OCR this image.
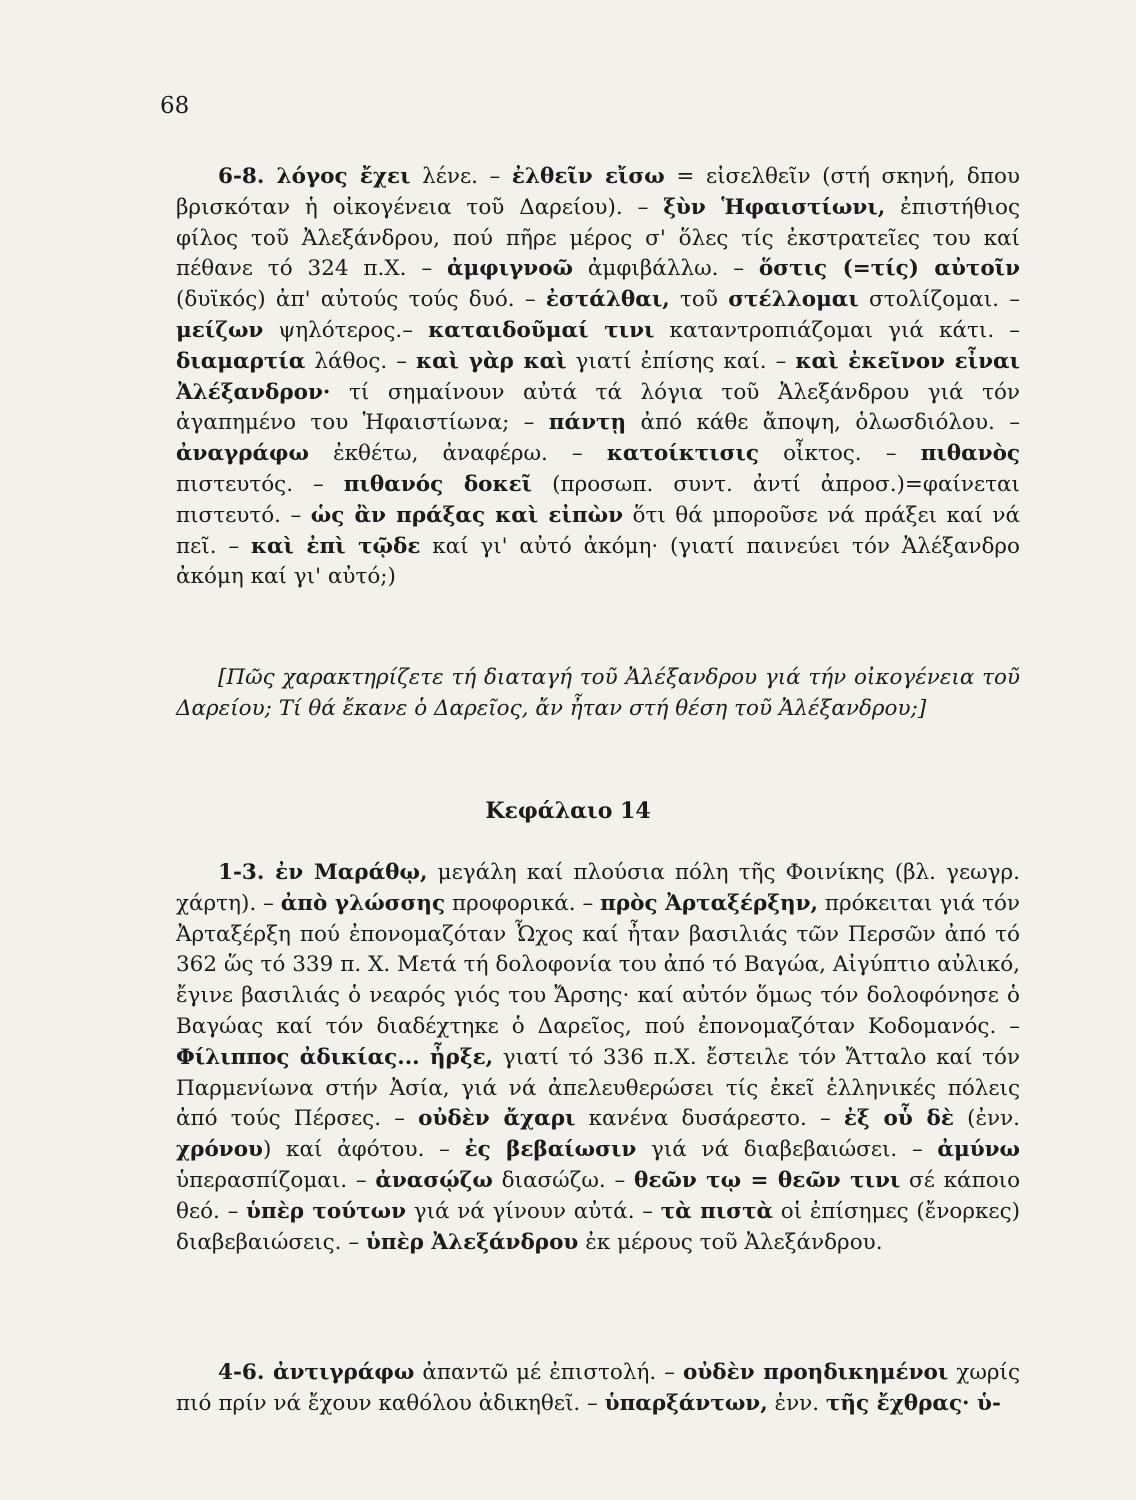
68

6-8. λόγος ἔχει λένε. – ἐλθεῖν εἴσω = εἰσελθεῖν (στή σκηνή, δπου βρισκόταν ἡ οἰκογένεια τοῦ Δαρείου). – ξὺν Ἡφαιστίωνι, ἐπιστήθιος φίλος τοῦ Ἀλεξάνδρου, πού πῆρε μέρος σ' ὅλες τίς ἐκστρατεῖες του καί πέθανε τό 324 π.Χ. – ἀμφιγνοῶ ἀμφιβάλλω. – ὅστις (=τίς) αὐτοῖν (δυϊκός) ἀπ' αὐτούς τούς δυό. – ἐστάλθαι, τοῦ στέλλομαι στολίζομαι. – μείζων ψηλότερος.– καταιδοῦμαί τινι καταντροπιάζομαι γιά κάτι. – διαμαρτία λάθος. – καὶ γὰρ καὶ γιατί ἐπίσης καί. – καὶ ἐκεῖνον εἶναι Ἀλέξανδρον· τί σημαίνουν αὐτά τά λόγια τοῦ Ἀλεξάνδρου γιά τόν ἀγαπημένο του Ἡφαιστίωνα; – πάντῃ ἀπό κάθε ἄποψη, ὁλωσδιόλου. – ἀναγράφω ἐκθέτω, ἀναφέρω. – κατοίκτισις οἶκτος. – πιθανὸς πιστευτός. – πιθανός δοκεῖ (προσωπ. συντ. ἀντί ἀπροσ.)=φαίνεται πιστευτό. – ὡς ἂν πράξας καὶ εἰπὼν ὅτι θά μποροῦσε νά πράξει καί νά πεῖ. – καὶ ἐπὶ τῷδε καί γι' αὐτό ἀκόμη· (γιατί παινεύει τόν Ἀλέξανδρο ἀκόμη καί γι' αὐτό;)

[Πῶς χαρακτηρίζετε τή διαταγή τοῦ Ἀλέξανδρου γιά τήν οἰκογένεια τοῦ Δαρείου; Τί θά ἔκανε ὁ Δαρεῖος, ἄν ἦταν στή θέση τοῦ Ἀλέξανδρου;]

Κεφάλαιο 14

1-3. ἐν Μαράθῳ, μεγάλη καί πλούσια πόλη τῆς Φοινίκης (βλ. γεωγρ. χάρτη). – ἀπὸ γλώσσης προφορικά. – πρὸς Ἀρταξέρξην, πρόκειται γιά τόν Ἀρταξέρξη πού ἐπονομαζόταν Ὦχος καί ἦταν βασιλιάς τῶν Περσῶν ἀπό τό 362 ὥς τό 339 π. Χ. Μετά τή δολοφονία του ἀπό τό Βαγώα, Αἰγύπτιο αὐλικό, ἔγινε βασιλιάς ὁ νεαρός γιός του Ἄρσης· καί αὐτόν ὅμως τόν δολοφόνησε ὁ Βαγώας καί τόν διαδέχτηκε ὁ Δαρεῖος, πού ἐπονομαζόταν Κοδομανός. – Φίλιππος ἀδικίας... ἦρξε, γιατί τό 336 π.Χ. ἔστειλε τόν Ἄτταλο καί τόν Παρμενίωνα στήν Ἀσία, γιά νά ἀπελευθερώσει τίς ἐκεῖ ἑλληνικές πόλεις ἀπό τούς Πέρσες. – οὐδὲν ἄχαρι κανένα δυσάρεστο. – ἐξ οὗ δὲ (ἐνν. χρόνου) καί ἀφότου. – ἐς βεβαίωσιν γιά νά διαβεβαιώσει. – ἀμύνω ὑπερασπίζομαι. – ἀνασῴζω διασώζω. – θεῶν τῳ = θεῶν τινι σέ κάποιο θεό. – ὑπὲρ τούτων γιά νά γίνουν αὐτά. – τὰ πιστὰ οἱ ἐπίσημες (ἔνορκες) διαβεβαιώσεις. – ὑπὲρ Ἀλεξάνδρου ἐκ μέρους τοῦ Ἀλεξάνδρου.

4-6. ἀντιγράφω ἀπαντῶ μέ ἐπιστολή. – οὐδὲν προηδικημένοι χωρίς πιό πρίν νά ἔχουν καθόλου ἀδικηθεῖ. – ὑπαρξάντων, ἐνν. τῆς ἔχθρας· ὑ-
